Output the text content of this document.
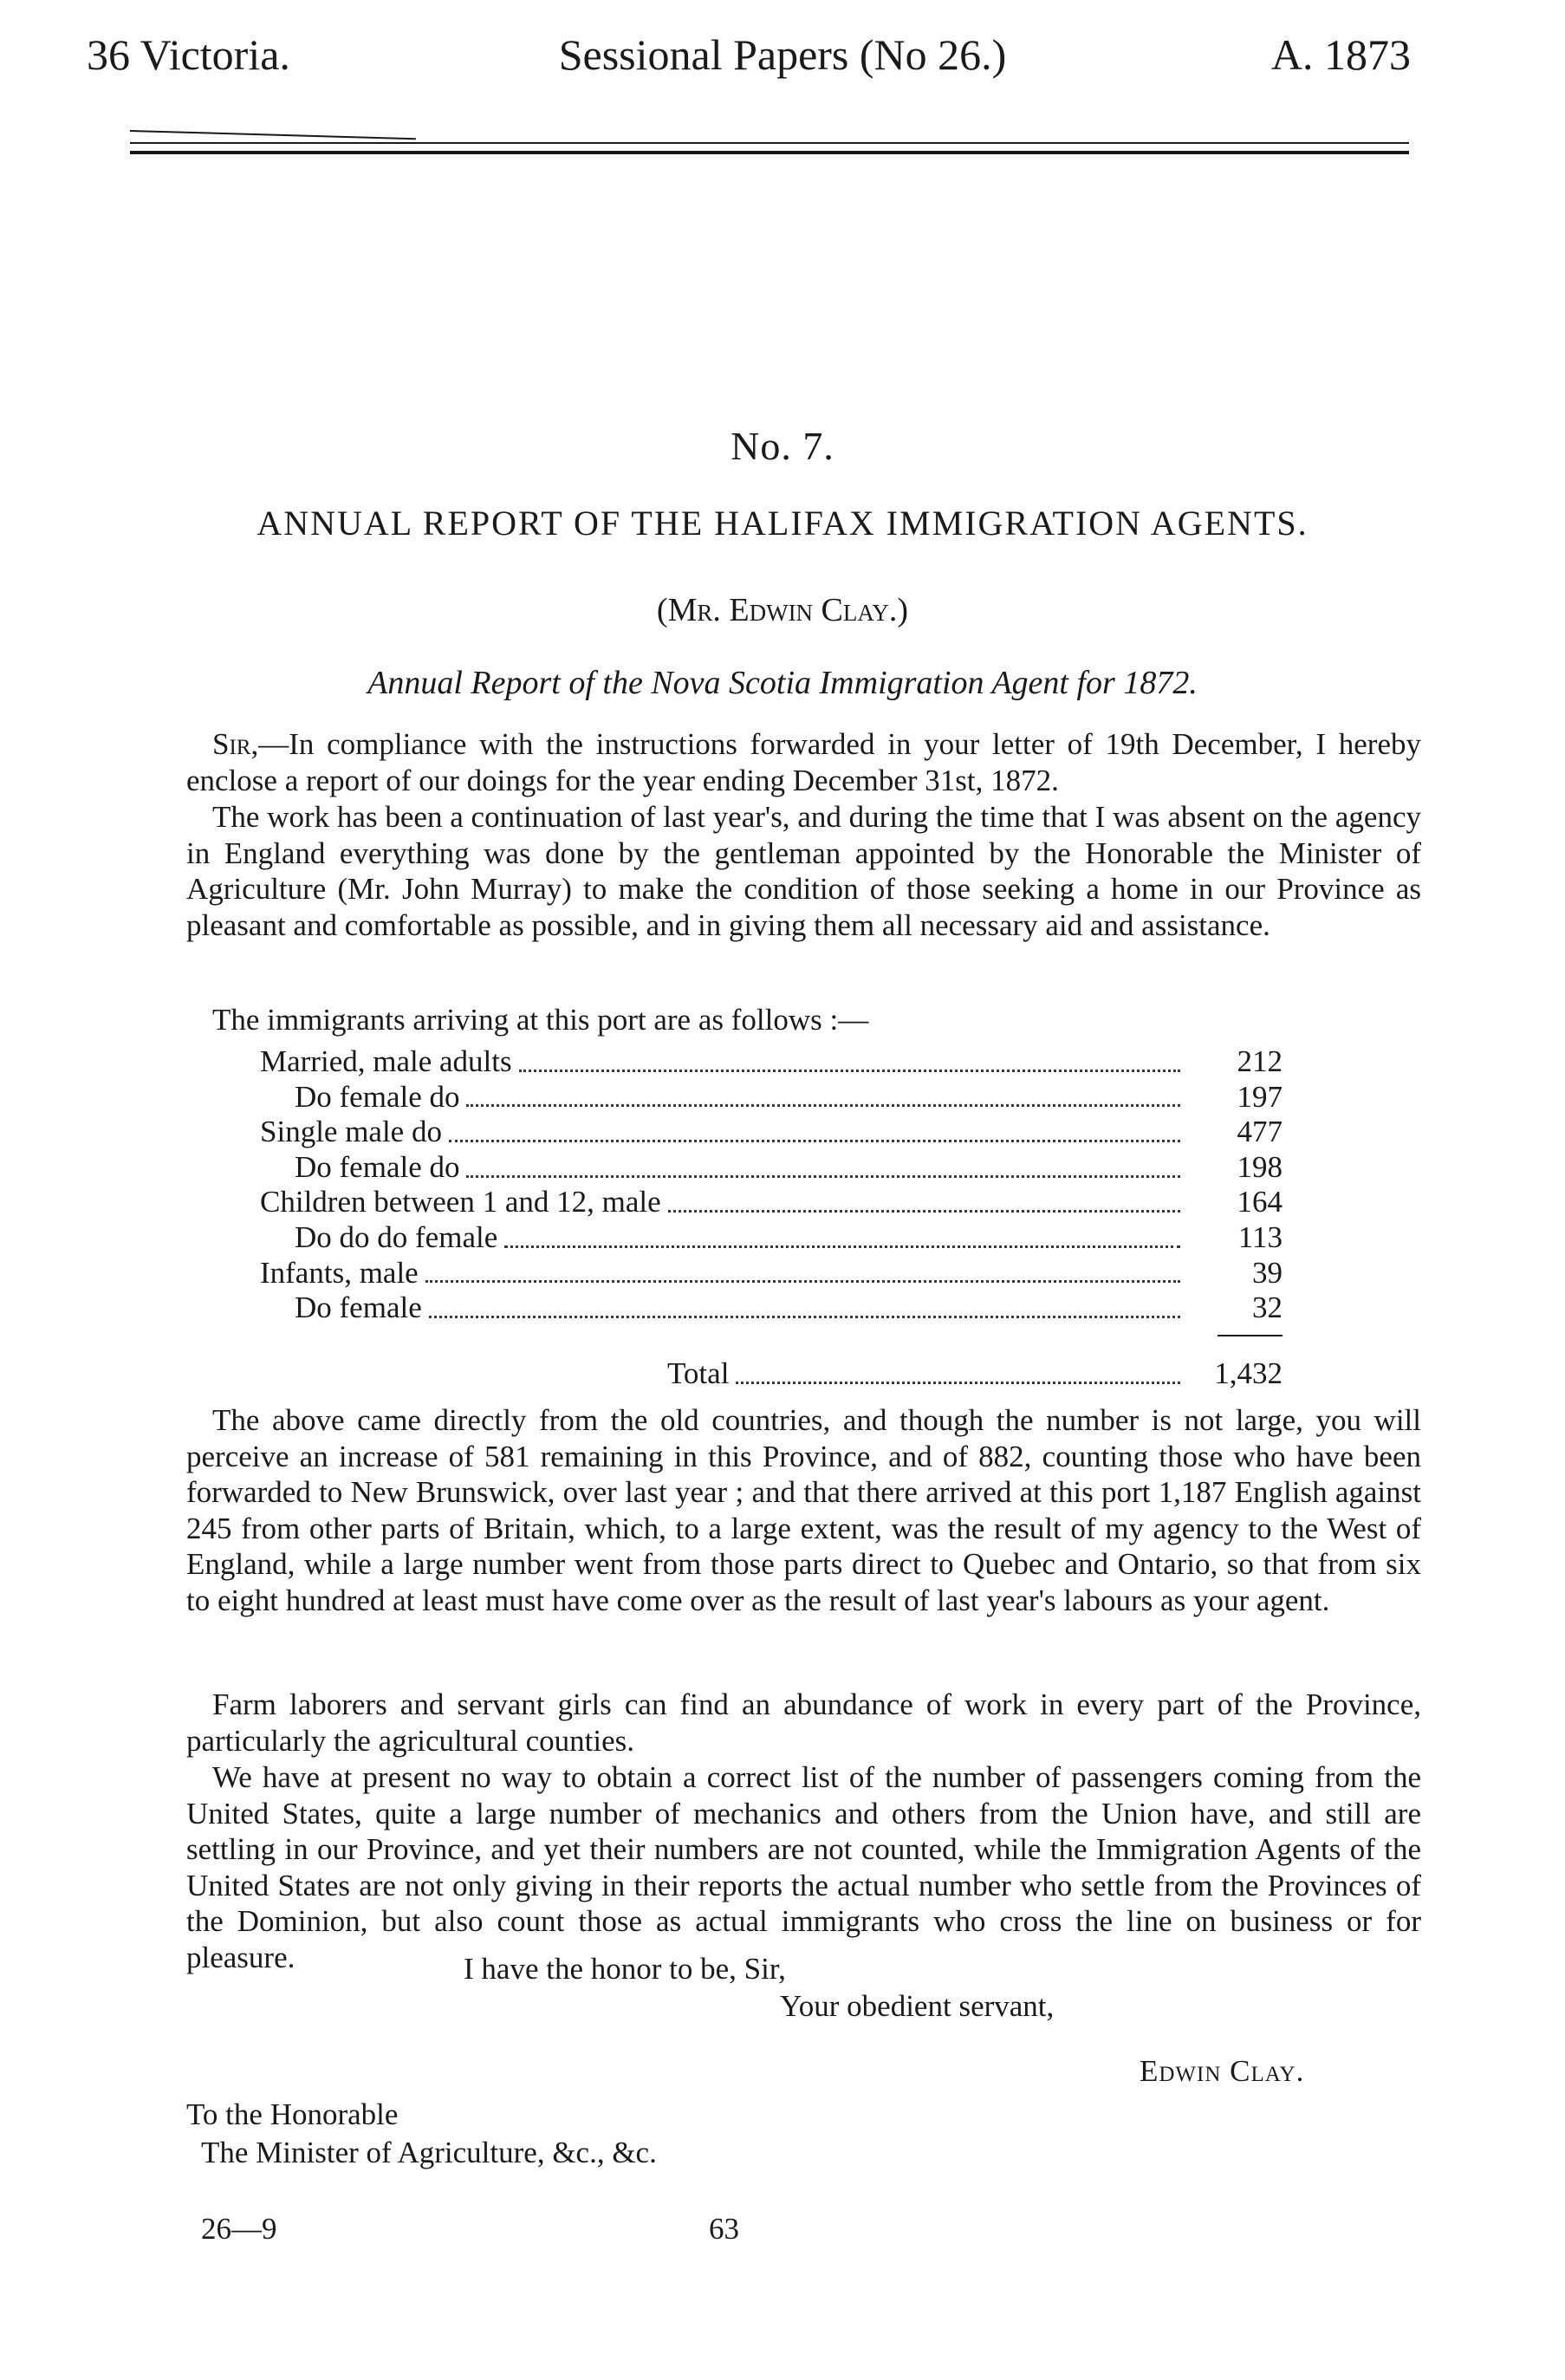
36 Victoria.	Sessional Papers (No 26.)	A. 1873
No. 7.
ANNUAL REPORT OF THE HALIFAX IMMIGRATION AGENTS.
(Mr. Edwin Clay.)
Annual Report of the Nova Scotia Immigration Agent for 1872.
Sir,—In compliance with the instructions forwarded in your letter of 19th December, I hereby enclose a report of our doings for the year ending December 31st, 1872.
The work has been a continuation of last year's, and during the time that I was absent on the agency in England everything was done by the gentleman appointed by the Honorable the Minister of Agriculture (Mr. John Murray) to make the condition of those seeking a home in our Province as pleasant and comfortable as possible, and in giving them all necessary aid and assistance.
The immigrants arriving at this port are as follows :—
Married, male adults	212
Do female do	197
Single male do	477
Do female do	198
Children between 1 and 12, male	164
Do do do female	113
Infants, male	39
Do female	32
Total	1,432
The above came directly from the old countries, and though the number is not large, you will perceive an increase of 581 remaining in this Province, and of 882, counting those who have been forwarded to New Brunswick, over last year ; and that there arrived at this port 1,187 English against 245 from other parts of Britain, which, to a large extent, was the result of my agency to the West of England, while a large number went from those parts direct to Quebec and Ontario, so that from six to eight hundred at least must have come over as the result of last year's labours as your agent.
Farm laborers and servant girls can find an abundance of work in every part of the Province, particularly the agricultural counties.
We have at present no way to obtain a correct list of the number of passengers coming from the United States, quite a large number of mechanics and others from the Union have, and still are settling in our Province, and yet their numbers are not counted, while the Immigration Agents of the United States are not only giving in their reports the actual number who settle from the Provinces of the Dominion, but also count those as actual immigrants who cross the line on business or for pleasure.	I have the honor to be, Sir,
Your obedient servant,
Edwin Clay.
To the Honorable
The Minister of Agriculture, &c., &c.
26—9	63
